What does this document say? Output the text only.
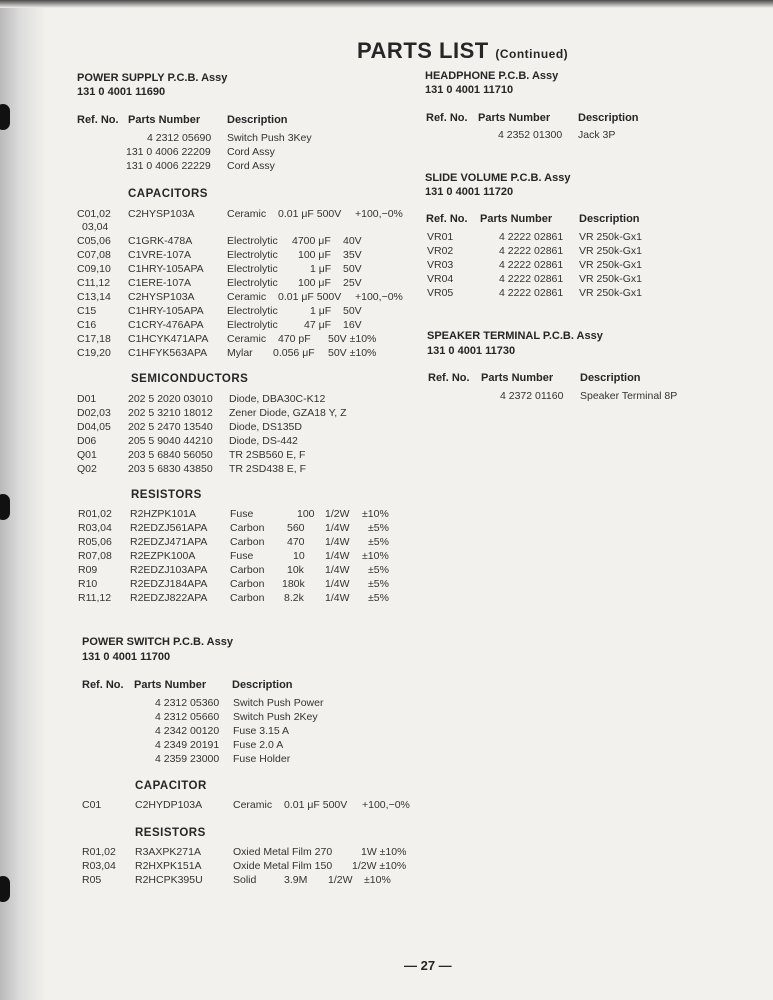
PARTS LIST (Continued)
POWER SUPPLY P.C.B. Assy
131 0 4001 11690
Ref. No. Parts Number Description
4 2312 05690 Switch Push 3Key
131 0 4006 22209 Cord Assy
131 0 4006 22229 Cord Assy
CAPACITORS
C01,02 C2HYSP103A	Ceramic 0.01 μF 500V +100,−0%
03,04
C05,06 C1GRK-478A	Electrolytic 4700 μF 40V
C07,08 C1VRE-107A	Electrolytic 100 μF 35V
C09,10 C1HRY-105APA Electrolytic	1 μF 50V
C11,12 C1ERE-107A	Electrolytic 100 μF 25V
C13,14 C2HYSP103A	Ceramic 0.01 μF 500V +100,−0%
C15	C1HRY-105APA Electrolytic	1 μF 50V
C16	C1CRY-476APA Electrolytic 47 μF 16V
C17,18 C1HCYK471APA Ceramic 470 pF 50V ±10%
C19,20 C1HFYK563APA Mylar 0.056 μF 50V ±10%
SEMICONDUCTORS
D01	202 5 2020 03010 Diode, DBA30C-K12
D02,03 202 5 3210 18012 Zener Diode, GZA18 Y, Z
D04,05 202 5 2470 13540 Diode, DS135D
D06	205 5 9040 44210 Diode, DS-442
Q01	203 5 6840 56050 TR 2SB560 E, F
Q02	203 5 6830 43850 TR 2SD438 E, F
RESISTORS
R01,02 R2HZPK101A	Fuse	100 1/2W ±10%
R03,04 R2EDZJ561APA Carbon 560 1/4W ±5%
R05,06 R2EDZJ471APA Carbon 470 1/4W ±5%
R07,08 R2EZPK100A	Fuse	10 1/4W ±10%
R09	R2EDZJ103APA Carbon 10k 1/4W ±5%
R10	R2EDZJ184APA Carbon 180k 1/4W ±5%
R11,12 R2EDZJ822APA Carbon 8.2k 1/4W ±5%
POWER SWITCH P.C.B. Assy
131 0 4001 11700
Ref. No. Parts Number Description
4 2312 05360 Switch Push Power
4 2312 05660 Switch Push 2Key
4 2342 00120 Fuse 3.15 A
4 2349 20191 Fuse 2.0 A
4 2359 23000 Fuse Holder
CAPACITOR
C01	C2HYDP103A	Ceramic 0.01 μF 500V +100,−0%
RESISTORS
R01,02 R3AXPK271A	Oxied Metal Film 270	1W ±10%
R03,04 R2HXPK151A	Oxide Metal Film 150 1/2W ±10%
R05	R2HCPK395U	Solid	3.9M 1/2W ±10%
HEADPHONE P.C.B. Assy
131 0 4001 11710
Ref. No. Parts Number	Description
4 2352 01300 Jack 3P
SLIDE VOLUME P.C.B. Assy
131 0 4001 11720
Ref. No. Parts Number Description
VR01	4 2222 02861 VR 250k-Gx1
VR02	4 2222 02861 VR 250k-Gx1
VR03	4 2222 02861 VR 250k-Gx1
VR04	4 2222 02861 VR 250k-Gx1
VR05	4 2222 02861 VR 250k-Gx1
SPEAKER TERMINAL P.C.B. Assy
131 0 4001 11730
Ref. No. Parts Number Description
4 2372 01160 Speaker Terminal 8P
— 27 —
